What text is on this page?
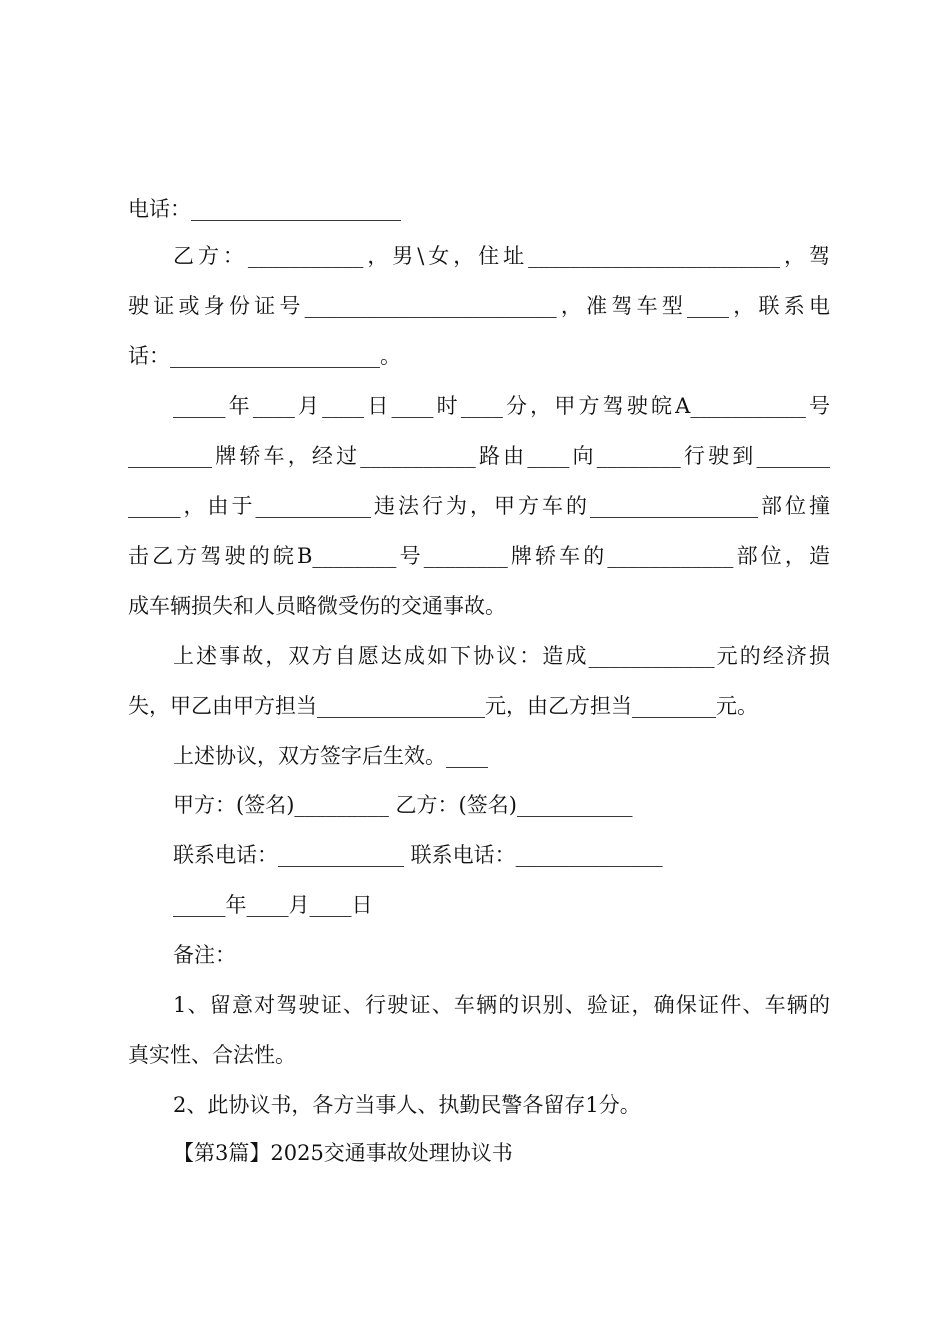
电话：____________________
乙方：___________，男\女，住址________________________，驾
驶证或身份证号________________________，准驾车型____，联系电
话：____________________。
_____年____月____日____时____分，甲方驾驶皖A___________号
________牌轿车，经过___________路由____向________行驶到_______
_____，由于___________违法行为，甲方车的________________部位撞
击乙方驾驶的皖B________号________牌轿车的____________部位，造
成车辆损失和人员略微受伤的交通事故。
上述事故，双方自愿达成如下协议：造成____________元的经济损
失，甲乙由甲方担当________________元，由乙方担当________元。
上述协议，双方签字后生效。____
甲方：(签名)_________ 乙方：(签名)___________
联系电话：____________ 联系电话：______________
_____年____月____日
备注：
1、留意对驾驶证、行驶证、车辆的识别、验证，确保证件、车辆的
真实性、合法性。
2、此协议书，各方当事人、执勤民警各留存1分。
【第3篇】2025交通事故处理协议书
